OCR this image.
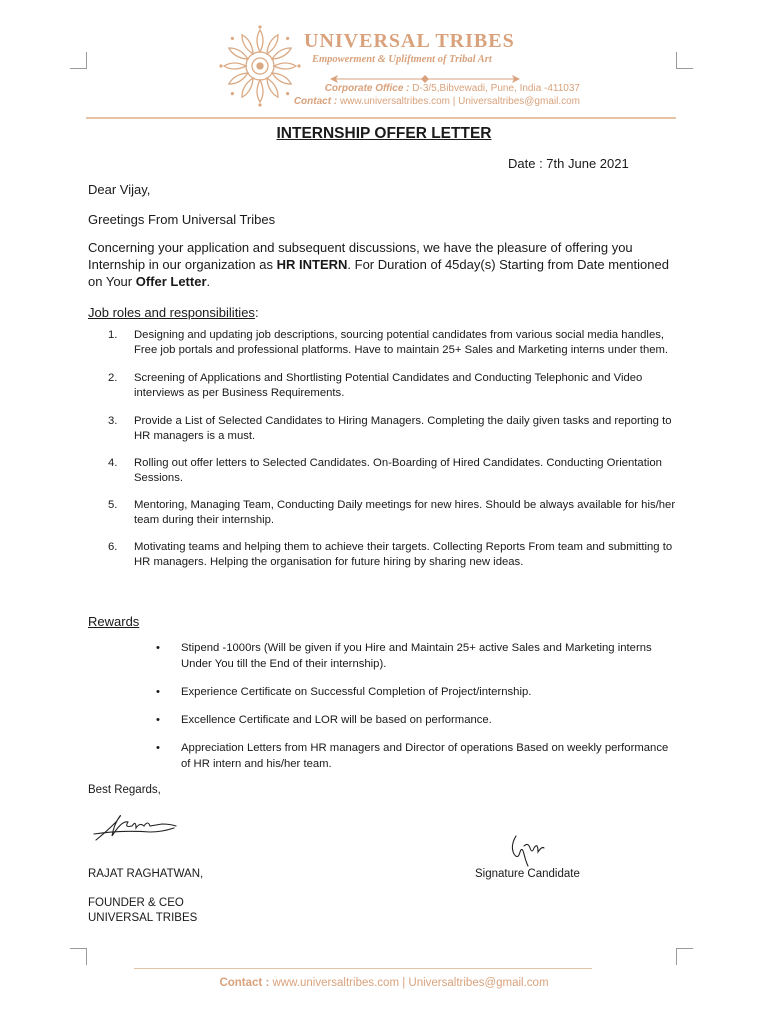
UNIVERSAL TRIBES
Empowerment & Upliftment of Tribal Art
Corporate Office : D-3/5,Bibvewadi, Pune, India -411037
Contact : www.universaltribes.com | Universaltribes@gmail.com
INTERNSHIP OFFER LETTER
Date : 7th June 2021
Dear Vijay,
Greetings From Universal Tribes
Concerning your application and subsequent discussions, we have the pleasure of offering you Internship in our organization as HR INTERN. For Duration of 45day(s) Starting from Date mentioned on Your Offer Letter.
Job roles and responsibilities:
1. Designing and updating job descriptions, sourcing potential candidates from various social media handles, Free job portals and professional platforms. Have to maintain 25+ Sales and Marketing interns under them.
2. Screening of Applications and Shortlisting Potential Candidates and Conducting Telephonic and Video interviews as per Business Requirements.
3. Provide a List of Selected Candidates to Hiring Managers. Completing the daily given tasks and reporting to HR managers is a must.
4. Rolling out offer letters to Selected Candidates. On-Boarding of Hired Candidates. Conducting Orientation Sessions.
5. Mentoring, Managing Team, Conducting Daily meetings for new hires. Should be always available for his/her team during their internship.
6. Motivating teams and helping them to achieve their targets. Collecting Reports From team and submitting to HR managers. Helping the organisation for future hiring by sharing new ideas.
Rewards
• Stipend -1000rs (Will be given if you Hire and Maintain 25+ active Sales and Marketing interns Under You till the End of their internship).
• Experience Certificate on Successful Completion of Project/internship.
• Excellence Certificate and LOR will be based on performance.
• Appreciation Letters from HR managers and Director of operations Based on weekly performance of HR intern and his/her team.
Best Regards,
RAJAT RAGHATWAN,	Signature Candidate
FOUNDER & CEO
UNIVERSAL TRIBES
Contact : www.universaltribes.com | Universaltribes@gmail.com
